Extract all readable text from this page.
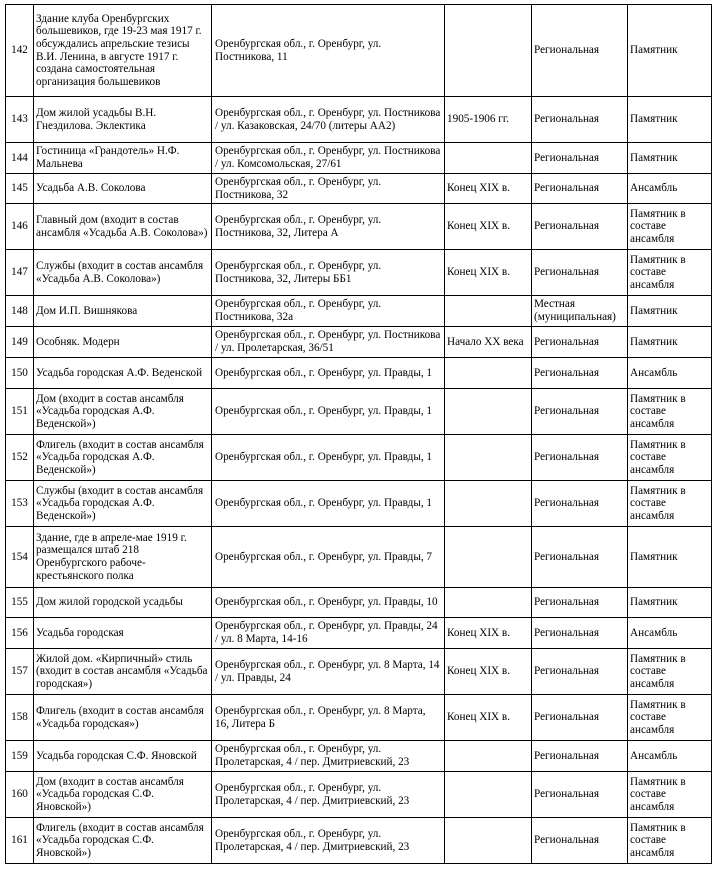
142	Здание клуба Оренбургских большевиков, где 19-23 мая 1917 г. обсуждались апрельские тезисы В.И. Ленина, в августе 1917 г. создана самостоятельная организация большевиков	Оренбургская обл., г. Оренбург, ул. Постникова, 11		Региональная	Памятник
143	Дом жилой усадьбы В.Н. Гнездилова. Эклектика	Оренбургская обл., г. Оренбург, ул. Постникова / ул. Казаковская, 24/70 (литеры АА2)	1905-1906 гг.	Региональная	Памятник
144	Гостиница «Грандотель» Н.Ф. Мальнева	Оренбургская обл., г. Оренбург, ул. Постникова / ул. Комсомольская, 27/61		Региональная	Памятник
145	Усадьба А.В. Соколова	Оренбургская обл., г. Оренбург, ул. Постникова, 32	Конец XIX в.	Региональная	Ансамбль
146	Главный дом (входит в состав ансамбля «Усадьба А.В. Соколова»)	Оренбургская обл., г. Оренбург, ул. Постникова, 32, Литера А	Конец XIX в.	Региональная	Памятник в составе ансамбля
147	Службы (входит в состав ансамбля «Усадьба А.В. Соколова»)	Оренбургская обл., г. Оренбург, ул. Постникова, 32, Литеры ББ1	Конец XIX в.	Региональная	Памятник в составе ансамбля
148	Дом И.П. Вишнякова	Оренбургская обл., г. Оренбург, ул. Постникова, 32а		Местная (муниципальная)	Памятник
149	Особняк. Модерн	Оренбургская обл., г. Оренбург, ул. Постникова / ул. Пролетарская, 36/51	Начало XX века	Региональная	Памятник
150	Усадьба городская А.Ф. Веденской	Оренбургская обл., г. Оренбург, ул. Правды, 1		Региональная	Ансамбль
151	Дом (входит в состав ансамбля «Усадьба городская А.Ф. Веденской»)	Оренбургская обл., г. Оренбург, ул. Правды, 1		Региональная	Памятник в составе ансамбля
152	Флигель (входит в состав ансамбля «Усадьба городская А.Ф. Веденской»)	Оренбургская обл., г. Оренбург, ул. Правды, 1		Региональная	Памятник в составе ансамбля
153	Службы (входит в состав ансамбля «Усадьба городская А.Ф. Веденской»)	Оренбургская обл., г. Оренбург, ул. Правды, 1		Региональная	Памятник в составе ансамбля
154	Здание, где в апреле-мае 1919 г. размещался штаб 218 Оренбургского рабоче-крестьянского полка	Оренбургская обл., г. Оренбург, ул. Правды, 7		Региональная	Памятник
155	Дом жилой городской усадьбы	Оренбургская обл., г. Оренбург, ул. Правды, 10		Региональная	Памятник
156	Усадьба городская	Оренбургская обл., г. Оренбург, ул. Правды, 24 / ул. 8 Марта, 14-16	Конец XIX в.	Региональная	Ансамбль
157	Жилой дом. «Кирпичный» стиль (входит в состав ансамбля «Усадьба городская»)	Оренбургская обл., г. Оренбург, ул. 8 Марта, 14 / ул. Правды, 24	Конец XIX в.	Региональная	Памятник в составе ансамбля
158	Флигель (входит в состав ансамбля «Усадьба городская»)	Оренбургская обл., г. Оренбург, ул. 8 Марта, 16, Литера Б	Конец XIX в.	Региональная	Памятник в составе ансамбля
159	Усадьба городская С.Ф. Яновской	Оренбургская обл., г. Оренбург, ул. Пролетарская, 4 / пер. Дмитриевский, 23		Региональная	Ансамбль
160	Дом (входит в состав ансамбля «Усадьба городская С.Ф. Яновской»)	Оренбургская обл., г. Оренбург, ул. Пролетарская, 4 / пер. Дмитриевский, 23		Региональная	Памятник в составе ансамбля
161	Флигель (входит в состав ансамбля «Усадьба городская С.Ф. Яновской»)	Оренбургская обл., г. Оренбург, ул. Пролетарская, 4 / пер. Дмитриевский, 23		Региональная	Памятник в составе ансамбля
